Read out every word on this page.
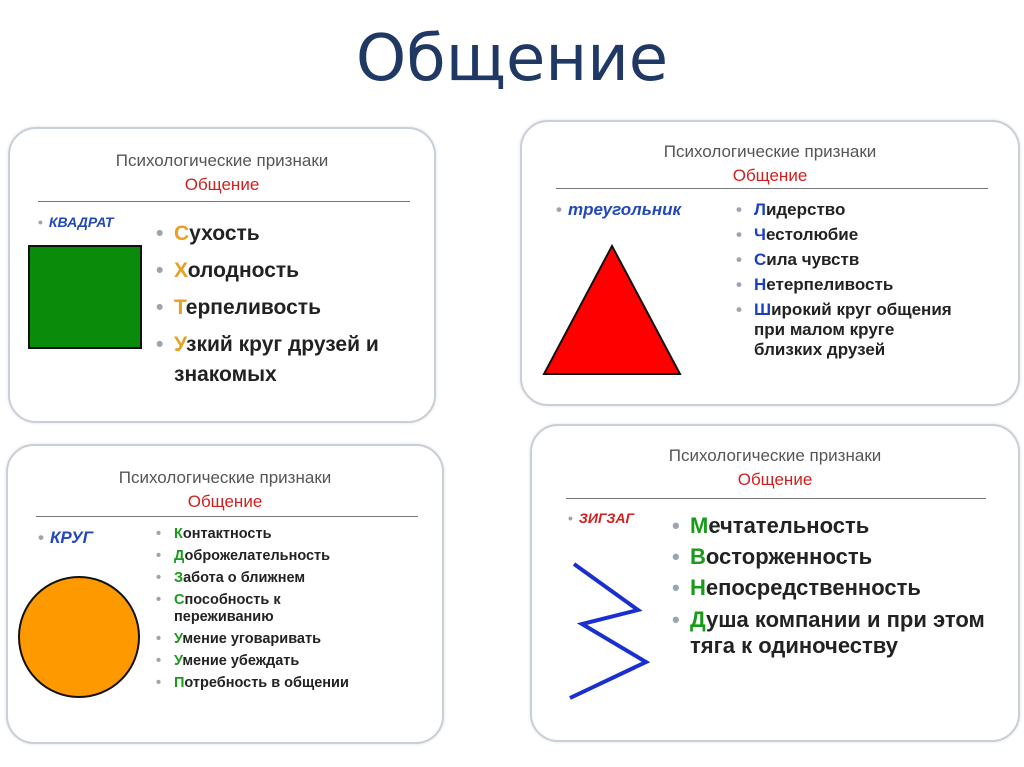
Общение
Психологические признаки
Общение
• КВАДРАТ • Сухость
• Холодность
• Терпеливость
• Узкий круг друзей и знакомых
Психологические признаки
Общение
• треугольник	• Лидерство
• Честолюбие
• Сила чувств
• Нетерпеливость
• Широкий круг общения при малом круге близких друзей
Психологические признаки
Общение
• КРУГ	• Контактность
• Доброжелательность
• Забота о ближнем
• Способность к переживанию
• Умение уговаривать
• Умение убеждать
• Потребность в общении
Психологические признаки
Общение
• ЗИГЗАГ • Мечтательность
• Восторженность
• Непосредственность
• Душа компании и при этом тяга к одиночеству
